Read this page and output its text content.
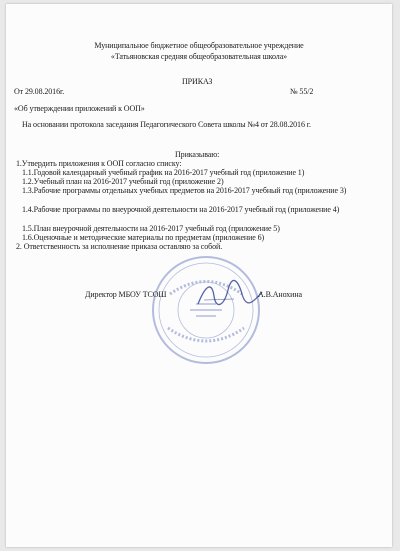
Муниципальное бюджетное общеобразовательное учреждение
«Татьяновская средняя общеобразовательная школа»
ПРИКАЗ
От 29.08.2016г.	№ 55/2
«Об утверждении приложений к ООП»
На основании протокола заседания Педагогического Совета школы №4 от 28.08.2016 г.
Приказываю:
1.Утвердить приложения к ООП согласно списку:
1.1.Годовой календарный учебный график на 2016-2017 учебный год (приложение 1)
1.2.Учебный план на 2016-2017 учебный год (приложение 2)
1.3.Рабочие программы отдельных учебных предметов на 2016-2017 учебный год (приложение 3)
1.4.Рабочие программы по внеурочной деятельности на 2016-2017 учебный год (приложение 4)
1.5.План внеурочной деятельности на 2016-2017 учебный год (приложение 5)
1.6.Оценочные и методические материалы по предметам (приложение 6)
2. Ответственность за исполнение приказа оставляю за собой.
Директор МБОУ ТСОШ	А.В.Анохина
